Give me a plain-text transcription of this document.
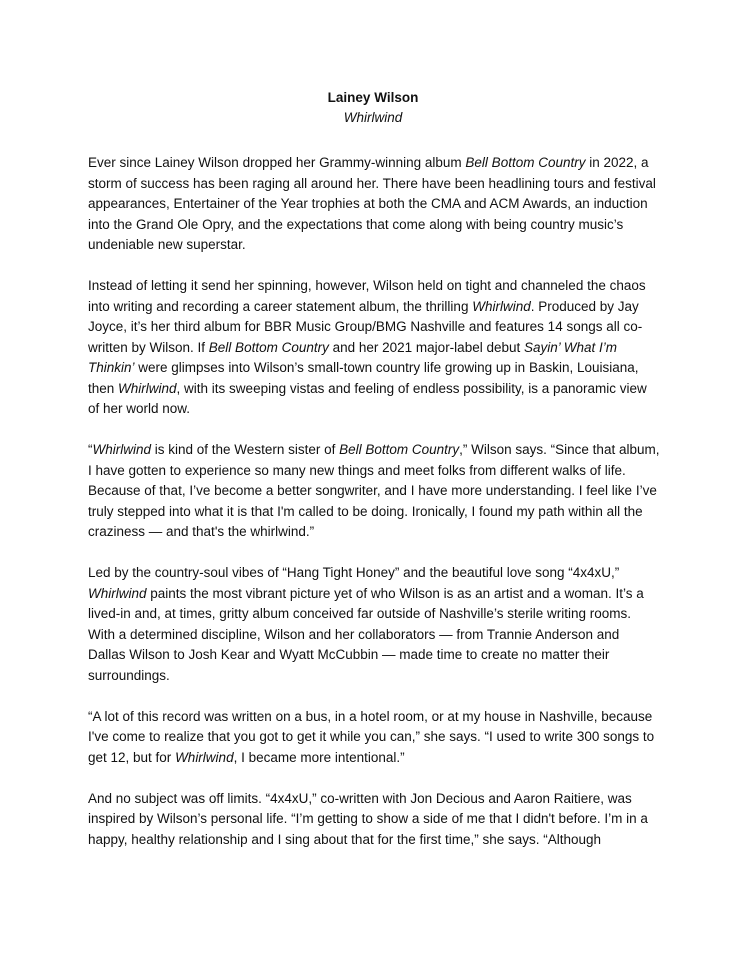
Lainey Wilson
Whirlwind

Ever since Lainey Wilson dropped her Grammy-winning album Bell Bottom Country in 2022, a storm of success has been raging all around her. There have been headlining tours and festival appearances, Entertainer of the Year trophies at both the CMA and ACM Awards, an induction into the Grand Ole Opry, and the expectations that come along with being country music’s undeniable new superstar.

Instead of letting it send her spinning, however, Wilson held on tight and channeled the chaos into writing and recording a career statement album, the thrilling Whirlwind. Produced by Jay Joyce, it’s her third album for BBR Music Group/BMG Nashville and features 14 songs all co-written by Wilson. If Bell Bottom Country and her 2021 major-label debut Sayin’ What I’m Thinkin’ were glimpses into Wilson’s small-town country life growing up in Baskin, Louisiana, then Whirlwind, with its sweeping vistas and feeling of endless possibility, is a panoramic view of her world now.

“Whirlwind is kind of the Western sister of Bell Bottom Country,” Wilson says. “Since that album, I have gotten to experience so many new things and meet folks from different walks of life. Because of that, I’ve become a better songwriter, and I have more understanding. I feel like I’ve truly stepped into what it is that I'm called to be doing. Ironically, I found my path within all the craziness — and that's the whirlwind.”

Led by the country-soul vibes of “Hang Tight Honey” and the beautiful love song “4x4xU,” Whirlwind paints the most vibrant picture yet of who Wilson is as an artist and a woman. It’s a lived-in and, at times, gritty album conceived far outside of Nashville’s sterile writing rooms. With a determined discipline, Wilson and her collaborators — from Trannie Anderson and Dallas Wilson to Josh Kear and Wyatt McCubbin — made time to create no matter their surroundings.

“A lot of this record was written on a bus, in a hotel room, or at my house in Nashville, because I've come to realize that you got to get it while you can,” she says. “I used to write 300 songs to get 12, but for Whirlwind, I became more intentional.”

And no subject was off limits. “4x4xU,” co-written with Jon Decious and Aaron Raitiere, was inspired by Wilson’s personal life. “I’m getting to show a side of me that I didn't before. I’m in a happy, healthy relationship and I sing about that for the first time,” she says. “Although
